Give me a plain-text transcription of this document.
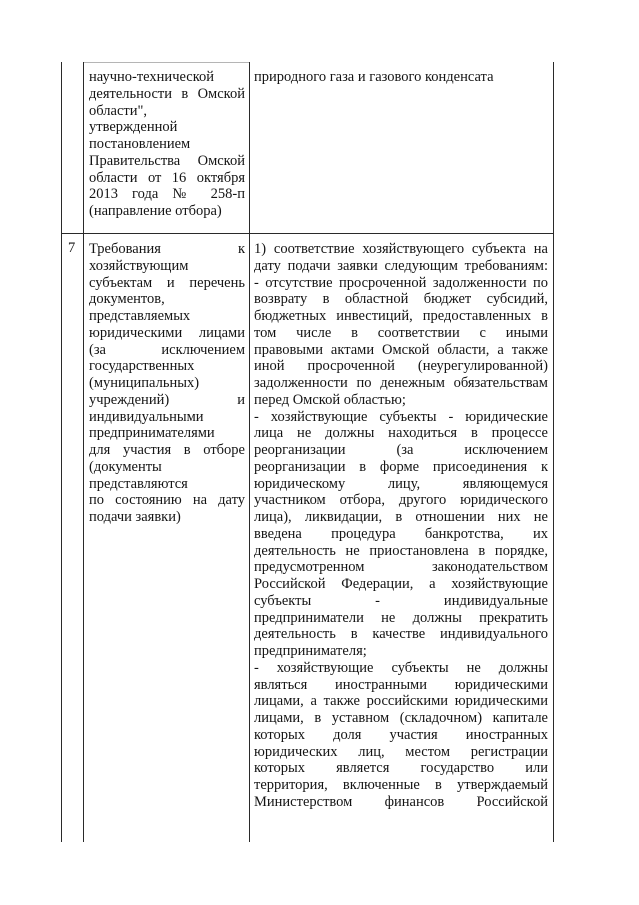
научно-технической
деятельности в Омской
области",
утвержденной
постановлением
Правительства Омской
области от 16 октября
2013 года № 258-п
(направление отбора)
природного газа и газового конденсата
7 Требования к
хозяйствующим
субъектам и перечень
документов,
представляемых
юридическими лицами
(за исключением
государственных
(муниципальных)
учреждений) и
индивидуальными
предпринимателями
для участия в отборе
(документы
представляются
по состоянию на дату
подачи заявки)
1) соответствие хозяйствующего субъекта на
дату подачи заявки следующим требованиям:
- отсутствие просроченной задолженности по
возврату в областной бюджет субсидий,
бюджетных инвестиций, предоставленных в
том числе в соответствии с иными
правовыми актами Омской области, а также
иной просроченной (неурегулированной)
задолженности по денежным обязательствам
перед Омской областью;
- хозяйствующие субъекты - юридические
лица не должны находиться в процессе
реорганизации (за исключением
реорганизации в форме присоединения к
юридическому лицу, являющемуся
участником отбора, другого юридического
лица), ликвидации, в отношении них не
введена процедура банкротства, их
деятельность не приостановлена в порядке,
предусмотренном законодательством
Российской Федерации, а хозяйствующие
субъекты - индивидуальные
предприниматели не должны прекратить
деятельность в качестве индивидуального
предпринимателя;
- хозяйствующие субъекты не должны
являться иностранными юридическими
лицами, а также российскими юридическими
лицами, в уставном (складочном) капитале
которых доля участия иностранных
юридических лиц, местом регистрации
которых является государство или
территория, включенные в утверждаемый
Министерством финансов Российской
